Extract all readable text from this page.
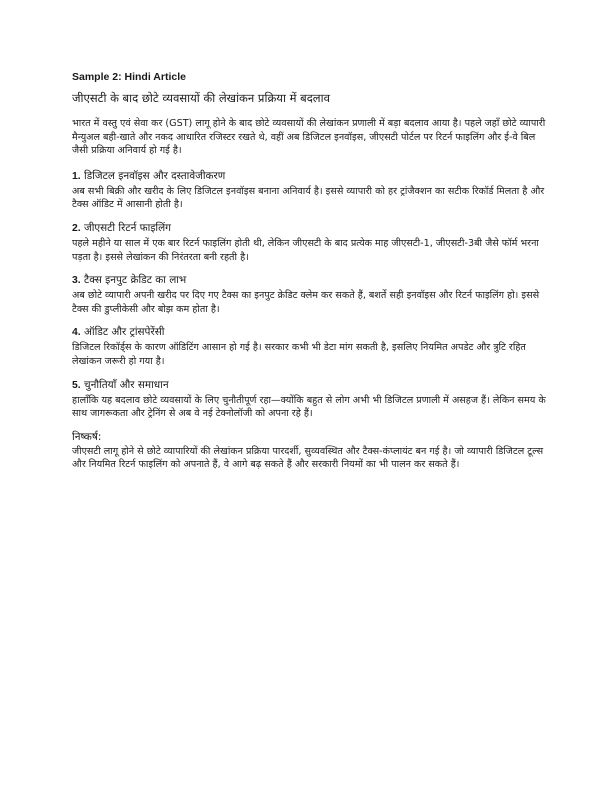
Sample 2: Hindi Article
जीएसटी के बाद छोटे व्यवसायों की लेखांकन प्रक्रिया में बदलाव

भारत में वस्तु एवं सेवा कर (GST) लागू होने के बाद छोटे व्यवसायों की लेखांकन प्रणाली में बड़ा बदलाव आया है। पहले जहाँ छोटे व्यापारी मैन्युअल बही-खाते और नकद आधारित रजिस्टर रखते थे, वहीं अब डिजिटल इनवॉइस, जीएसटी पोर्टल पर रिटर्न फाइलिंग और ई-वे बिल जैसी प्रक्रिया अनिवार्य हो गई है।

1. डिजिटल इनवॉइस और दस्तावेजीकरण

अब सभी बिक्री और खरीद के लिए डिजिटल इनवॉइस बनाना अनिवार्य है। इससे व्यापारी को हर ट्रांजैक्शन का सटीक रिकॉर्ड मिलता है और टैक्स ऑडिट में आसानी होती है।

2. जीएसटी रिटर्न फाइलिंग

पहले महीने या साल में एक बार रिटर्न फाइलिंग होती थी, लेकिन जीएसटी के बाद प्रत्येक माह जीएसटी-1, जीएसटी-3बी जैसे फॉर्म भरना पड़ता है। इससे लेखांकन की निरंतरता बनी रहती है।

3. टैक्स इनपुट क्रेडिट का लाभ

अब छोटे व्यापारी अपनी खरीद पर दिए गए टैक्स का इनपुट क्रेडिट क्लेम कर सकते हैं, बशर्ते सही इनवॉइस और रिटर्न फाइलिंग हो। इससे टैक्स की डुप्लीकेसी और बोझ कम होता है।

4. ऑडिट और ट्रांसपेरेंसी

डिजिटल रिकॉर्ड्स के कारण ऑडिटिंग आसान हो गई है। सरकार कभी भी डेटा मांग सकती है, इसलिए नियमित अपडेट और त्रुटि रहित लेखांकन जरूरी हो गया है।

5. चुनौतियाँ और समाधान

हालाँकि यह बदलाव छोटे व्यवसायों के लिए चुनौतीपूर्ण रहा—क्योंकि बहुत से लोग अभी भी डिजिटल प्रणाली में असहज हैं। लेकिन समय के साथ जागरूकता और ट्रेनिंग से अब वे नई टेक्नोलॉजी को अपना रहे हैं।

निष्कर्ष:

जीएसटी लागू होने से छोटे व्यापारियों की लेखांकन प्रक्रिया पारदर्शी, सुव्यवस्थित और टैक्स-कंप्लायंट बन गई है। जो व्यापारी डिजिटल टूल्स और नियमित रिटर्न फाइलिंग को अपनाते हैं, वे आगे बढ़ सकते हैं और सरकारी नियमों का भी पालन कर सकते हैं।
